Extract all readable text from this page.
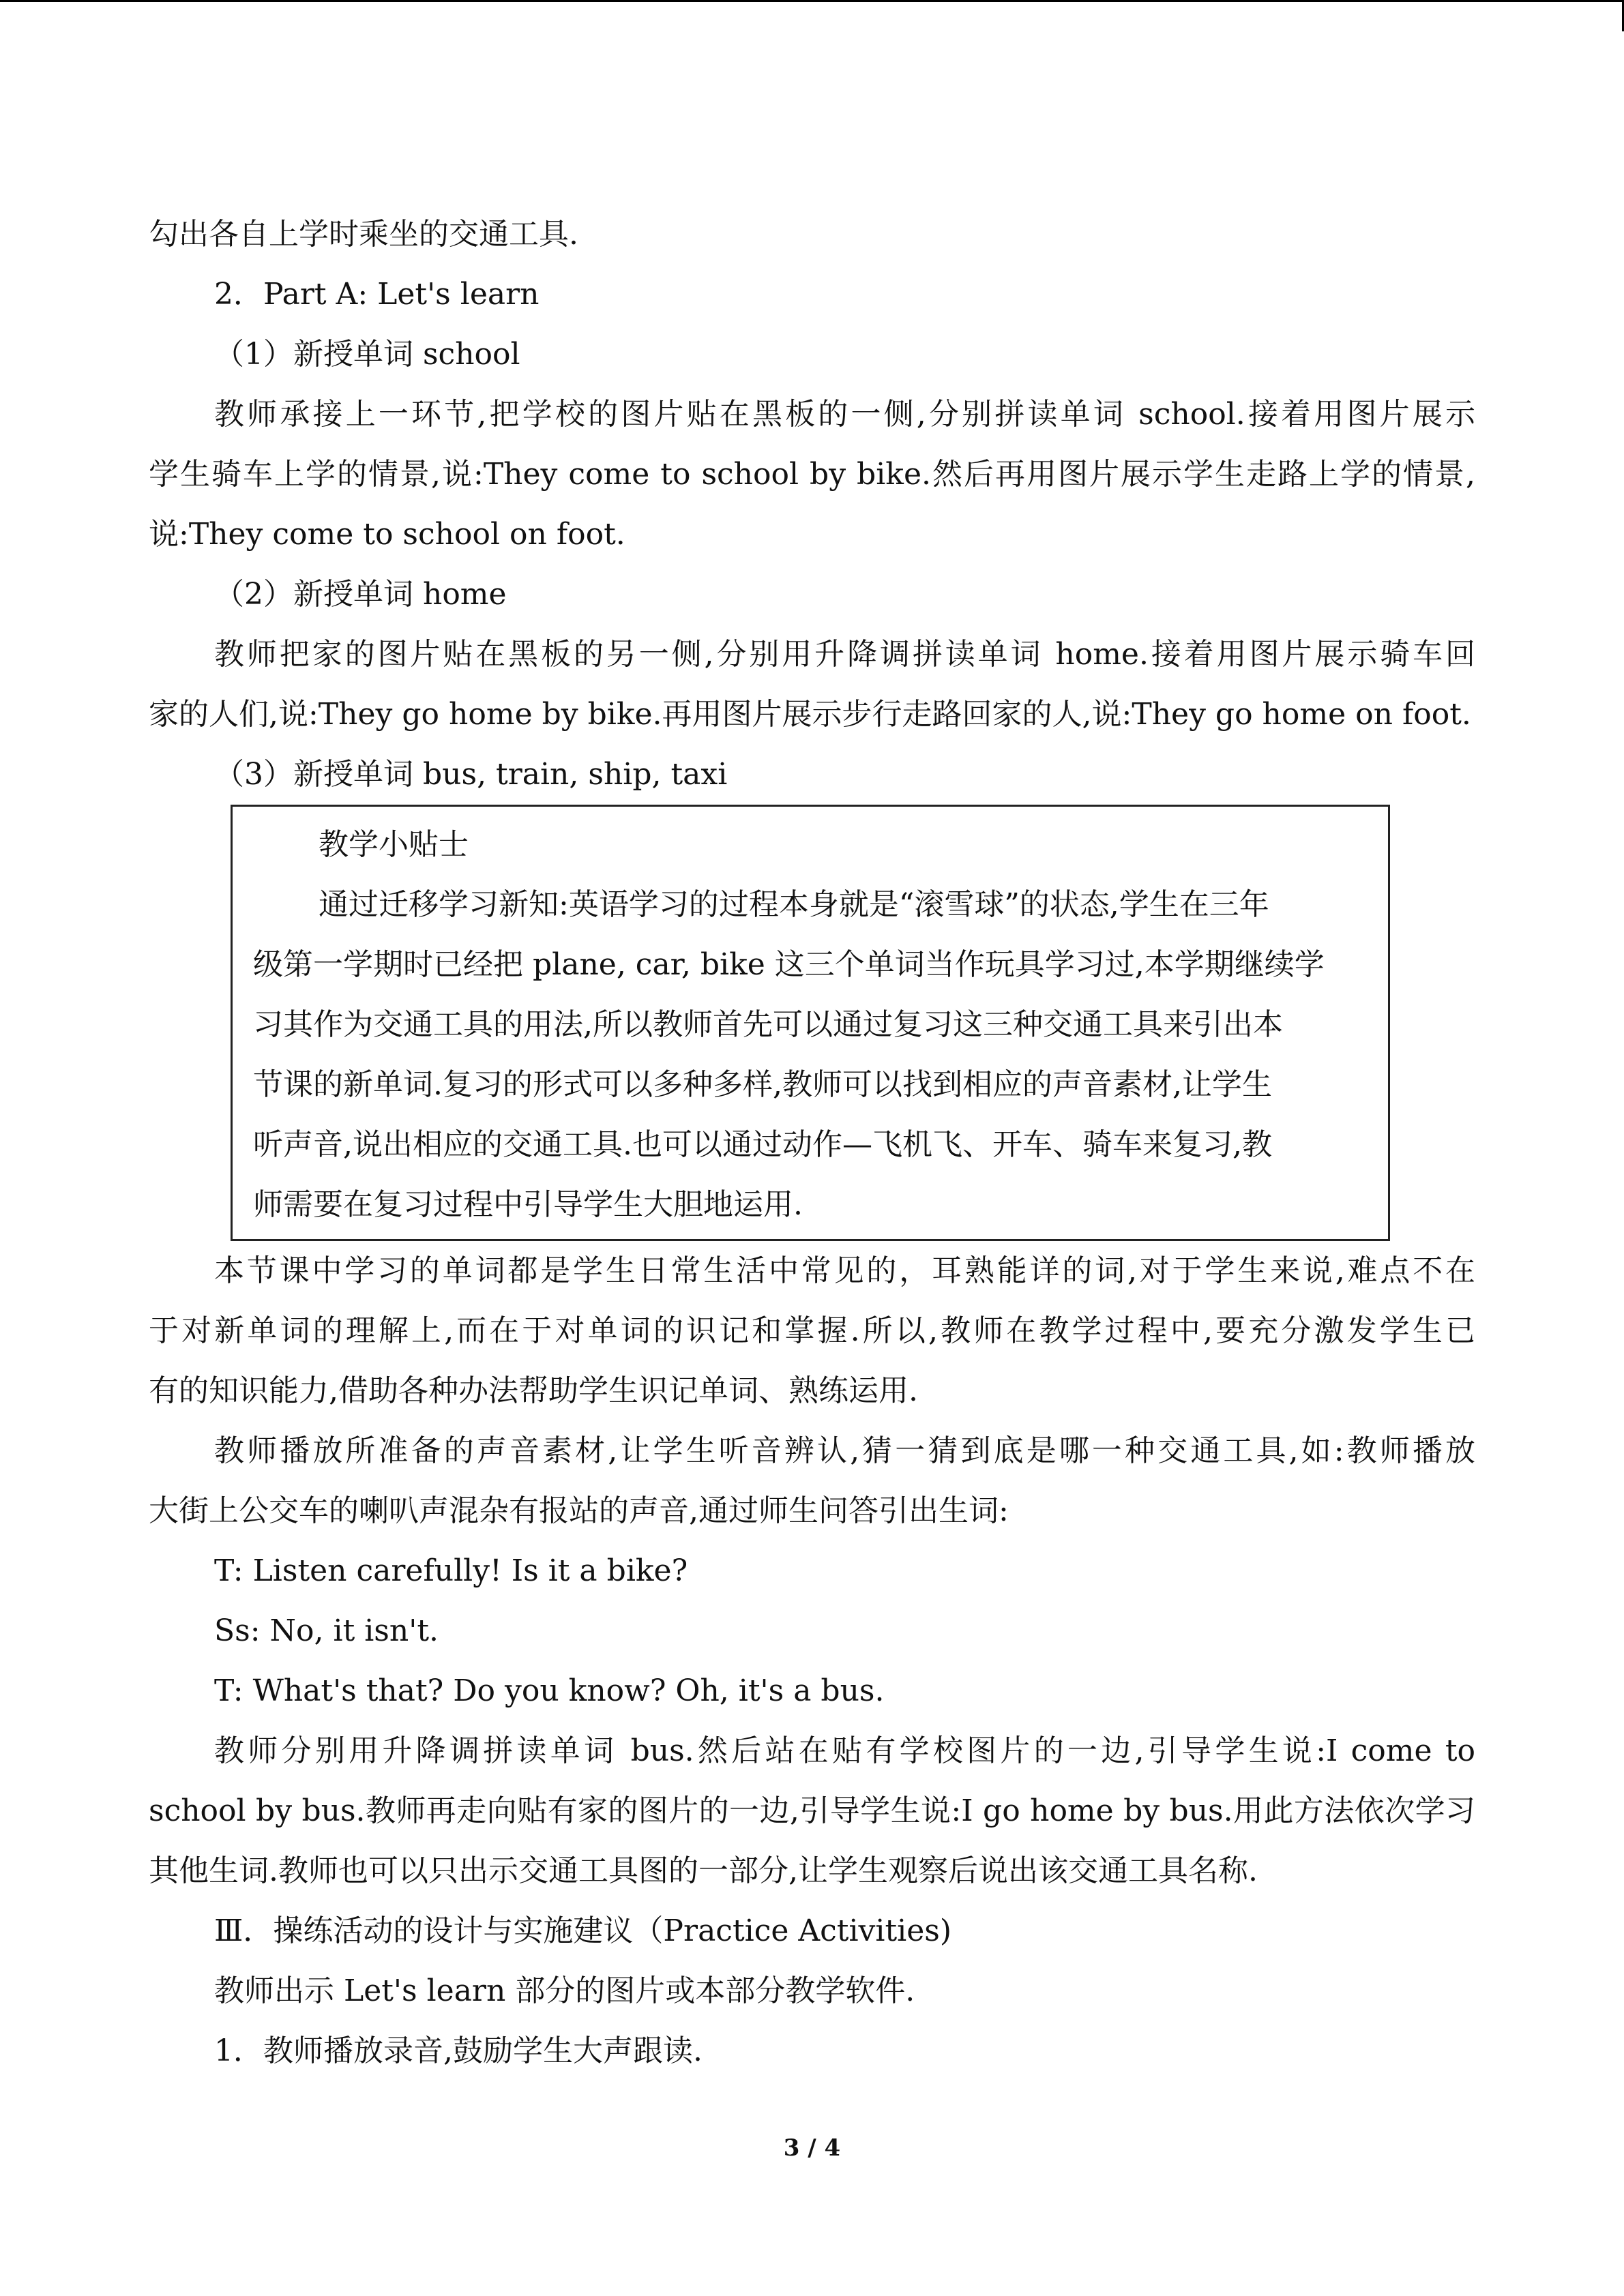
勾出各自上学时乘坐的交通工具.

2．Part A: Let's learn

（1）新授单词 school

教师承接上一环节,把学校的图片贴在黑板的一侧,分别拼读单词 school.接着用图片展示

学生骑车上学的情景,说:They come to school by bike.然后再用图片展示学生走路上学的情景,

说:They come to school on foot.

（2）新授单词 home

教师把家的图片贴在黑板的另一侧,分别用升降调拼读单词 home.接着用图片展示骑车回

家的人们,说:They go home by bike.再用图片展示步行走路回家的人,说:They go home on foot.

（3）新授单词 bus, train, ship, taxi

教学小贴士

通过迁移学习新知:英语学习的过程本身就是“滚雪球”的状态,学生在三年

级第一学期时已经把 plane, car, bike 这三个单词当作玩具学习过,本学期继续学

习其作为交通工具的用法,所以教师首先可以通过复习这三种交通工具来引出本

节课的新单词.复习的形式可以多种多样,教师可以找到相应的声音素材,让学生

听声音,说出相应的交通工具.也可以通过动作—飞机飞、开车、骑车来复习,教

师需要在复习过程中引导学生大胆地运用.

本节课中学习的单词都是学生日常生活中常见的，耳熟能详的词,对于学生来说,难点不在

于对新单词的理解上,而在于对单词的识记和掌握.所以,教师在教学过程中,要充分激发学生已

有的知识能力,借助各种办法帮助学生识记单词、熟练运用.

教师播放所准备的声音素材,让学生听音辨认,猜一猜到底是哪一种交通工具,如:教师播放

大街上公交车的喇叭声混杂有报站的声音,通过师生问答引出生词:

T: Listen carefully! Is it a bike?

Ss: No, it isn't.

T: What's that? Do you know? Oh, it's a bus.

教师分别用升降调拼读单词 bus.然后站在贴有学校图片的一边,引导学生说:I come to

school by bus.教师再走向贴有家的图片的一边,引导学生说:I go home by bus.用此方法依次学习

其他生词.教师也可以只出示交通工具图的一部分,让学生观察后说出该交通工具名称.

Ⅲ．操练活动的设计与实施建议（Practice Activities)

教师出示 Let's learn 部分的图片或本部分教学软件.

1．教师播放录音,鼓励学生大声跟读.

3 / 4
